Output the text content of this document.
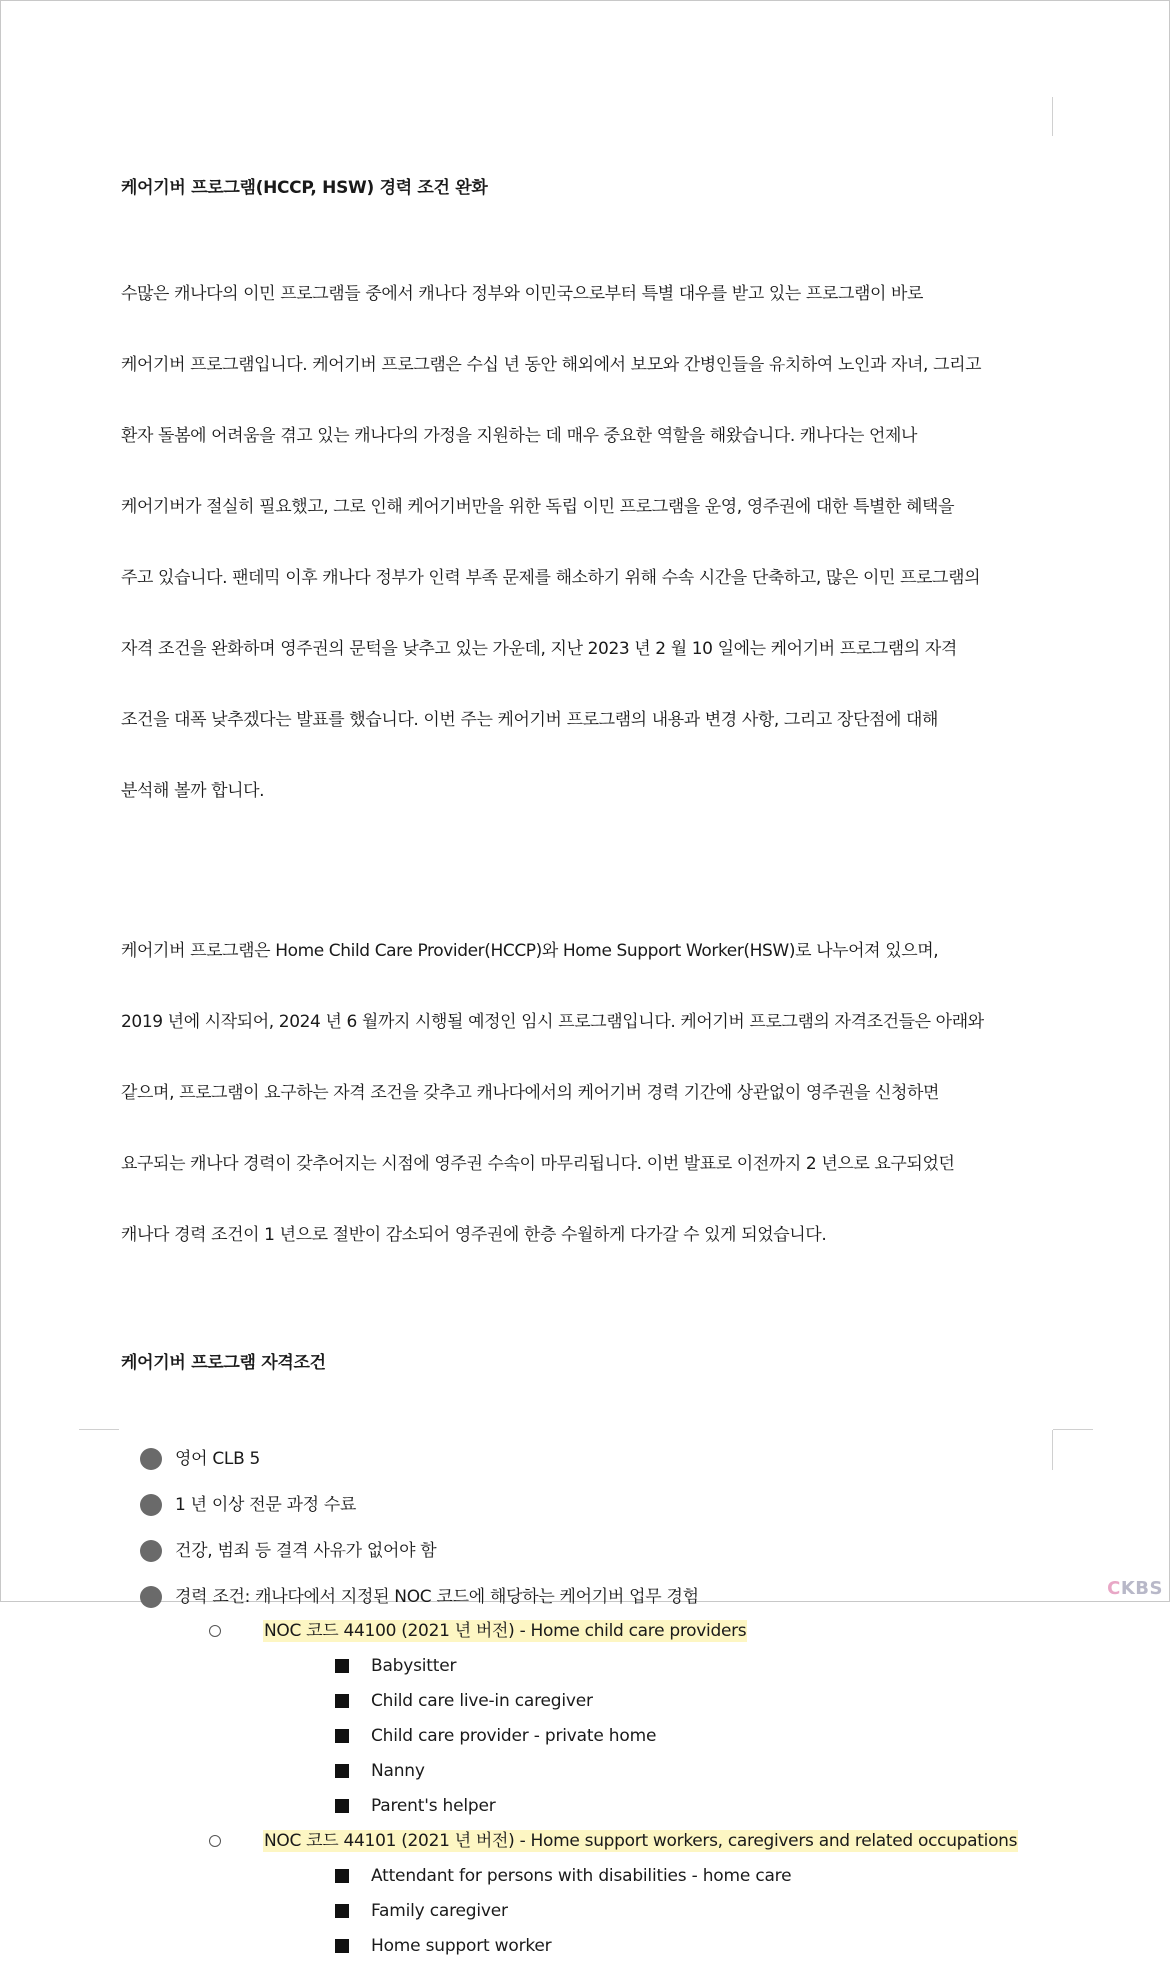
케어기버 프로그램(HCCP, HSW) 경력 조건 완화

수많은 캐나다의 이민 프로그램들 중에서 캐나다 정부와 이민국으로부터 특별 대우를 받고 있는 프로그램이 바로

케어기버 프로그램입니다. 케어기버 프로그램은 수십 년 동안 해외에서 보모와 간병인들을 유치하여 노인과 자녀, 그리고

환자 돌봄에 어려움을 겪고 있는 캐나다의 가정을 지원하는 데 매우 중요한 역할을 해왔습니다. 캐나다는 언제나

케어기버가 절실히 필요했고, 그로 인해 케어기버만을 위한 독립 이민 프로그램을 운영, 영주권에 대한 특별한 혜택을

주고 있습니다. 팬데믹 이후 캐나다 정부가 인력 부족 문제를 해소하기 위해 수속 시간을 단축하고, 많은 이민 프로그램의

자격 조건을 완화하며 영주권의 문턱을 낮추고 있는 가운데, 지난 2023 년 2 월 10 일에는 케어기버 프로그램의 자격

조건을 대폭 낮추겠다는 발표를 했습니다. 이번 주는 케어기버 프로그램의 내용과 변경 사항, 그리고 장단점에 대해

분석해 볼까 합니다.

케어기버 프로그램은 Home Child Care Provider(HCCP)와 Home Support Worker(HSW)로 나누어져 있으며,

2019 년에 시작되어, 2024 년 6 월까지 시행될 예정인 임시 프로그램입니다. 케어기버 프로그램의 자격조건들은 아래와

같으며, 프로그램이 요구하는 자격 조건을 갖추고 캐나다에서의 케어기버 경력 기간에 상관없이 영주권을 신청하면

요구되는 캐나다 경력이 갖추어지는 시점에 영주권 수속이 마무리됩니다. 이번 발표로 이전까지 2 년으로 요구되었던

캐나다 경력 조건이 1 년으로 절반이 감소되어 영주권에 한층 수월하게 다가갈 수 있게 되었습니다.

케어기버 프로그램 자격조건
영어 CLB 5
1 년 이상 전문 과정 수료
건강, 범죄 등 결격 사유가 없어야 함
경력 조건: 캐나다에서 지정된 NOC 코드에 해당하는 케어기버 업무 경험
NOC 코드 44100 (2021 년 버전) - Home child care providers
Babysitter
Child care live-in caregiver
Child care provider - private home
Nanny
Parent's helper
NOC 코드 44101 (2021 년 버전) - Home support workers, caregivers and related occupations
Attendant for persons with disabilities - home care
Family caregiver
Home support worker
CKBS
